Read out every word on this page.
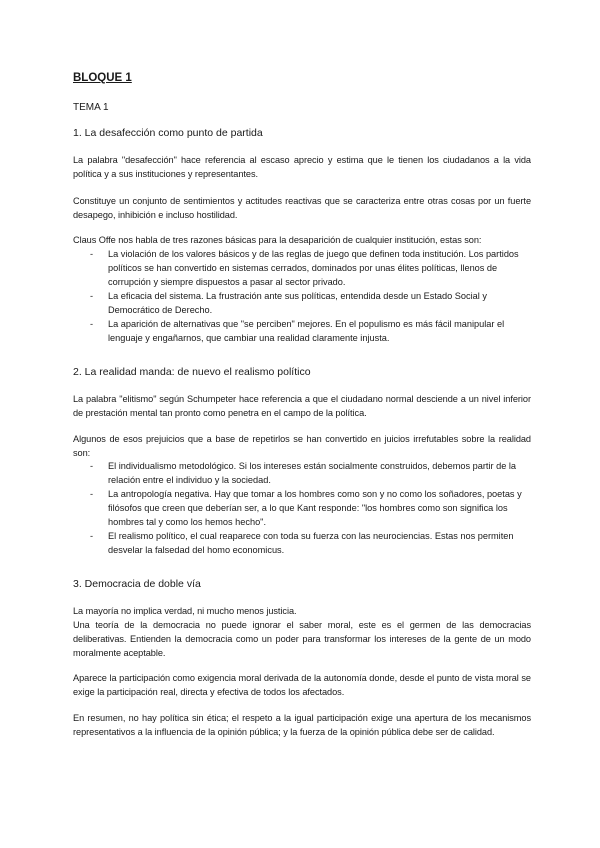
BLOQUE 1

TEMA 1

1. La desafección como punto de partida

La palabra "desafección" hace referencia al escaso aprecio y estima que le tienen los ciudadanos a la vida política y a sus instituciones y representantes.

Constituye un conjunto de sentimientos y actitudes reactivas que se caracteriza entre otras cosas por un fuerte desapego, inhibición e incluso hostilidad.

Claus Offe nos habla de tres razones básicas para la desaparición de cualquier institución, estas son:

- La violación de los valores básicos y de las reglas de juego que definen toda institución. Los partidos políticos se han convertido en sistemas cerrados, dominados por unas élites políticas, llenos de corrupción y siempre dispuestos a pasar al sector privado.
- La eficacia del sistema. La frustración ante sus políticas, entendida desde un Estado Social y Democrático de Derecho.
- La aparición de alternativas que "se perciben" mejores. En el populismo es más fácil manipular el lenguaje y engañarnos, que cambiar una realidad claramente injusta.
2. La realidad manda: de nuevo el realismo político

La palabra "elitismo" según Schumpeter hace referencia a que el ciudadano normal desciende a un nivel inferior de prestación mental tan pronto como penetra en el campo de la política.

Algunos de esos prejuicios que a base de repetirlos se han convertido en juicios irrefutables sobre la realidad son:

- El individualismo metodológico. Si los intereses están socialmente construidos, debemos partir de la relación entre el individuo y la sociedad.
- La antropología negativa. Hay que tomar a los hombres como son y no como los soñadores, poetas y filósofos que creen que deberían ser, a lo que Kant responde: "los hombres como son significa los hombres tal y como los hemos hecho".
- El realismo político, el cual reaparece con toda su fuerza con las neurociencias. Estas nos permiten desvelar la falsedad del homo economicus.
3. Democracia de doble vía

La mayoría no implica verdad, ni mucho menos justicia.

Una teoría de la democracia no puede ignorar el saber moral, este es el germen de las democracias deliberativas. Entienden la democracia como un poder para transformar los intereses de la gente de un modo moralmente aceptable.

Aparece la participación como exigencia moral derivada de la autonomía donde, desde el punto de vista moral se exige la participación real, directa y efectiva de todos los afectados.

En resumen, no hay política sin ética; el respeto a la igual participación exige una apertura de los mecanismos representativos a la influencia de la opinión pública; y la fuerza de la opinión pública debe ser de calidad.
